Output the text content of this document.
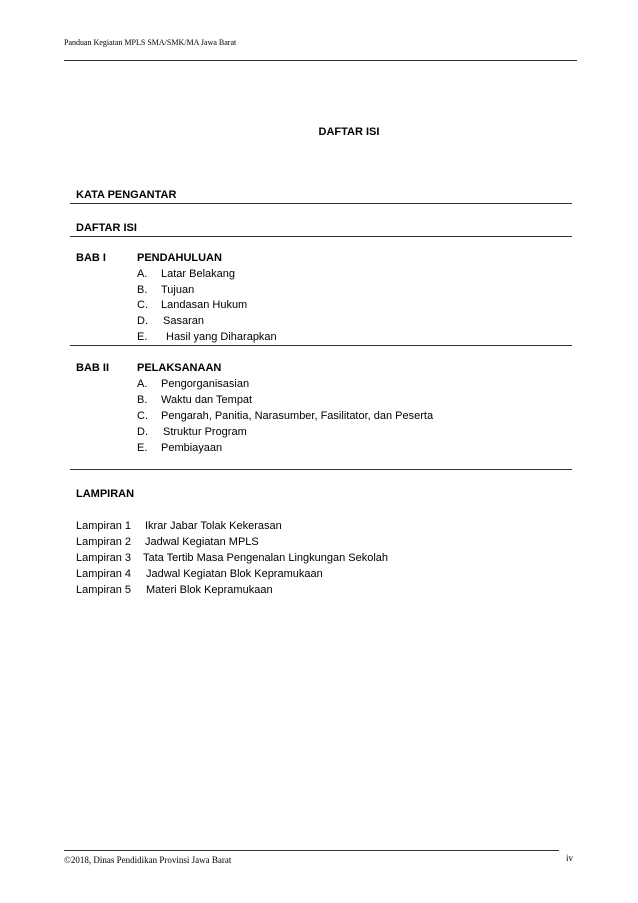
Panduan Kegiatan MPLS SMA/SMK/MA Jawa Barat
DAFTAR ISI
KATA PENGANTAR
DAFTAR ISI
BAB I	PENDAHULUAN
A. Latar Belakang
B. Tujuan
C. Landasan Hukum
D. Sasaran
E. Hasil yang Diharapkan
BAB II	PELAKSANAAN
A. Pengorganisasian
B. Waktu dan Tempat
C. Pengarah, Panitia, Narasumber, Fasilitator, dan Peserta
D. Struktur Program
E. Pembiayaan
LAMPIRAN
Lampiran 1 Ikrar Jabar Tolak Kekerasan
Lampiran 2 Jadwal Kegiatan MPLS
Lampiran 3 Tata Tertib Masa Pengenalan Lingkungan Sekolah
Lampiran 4 Jadwal Kegiatan Blok Kepramukaan
Lampiran 5 Materi Blok Kepramukaan
©2018, Dinas Pendidikan Provinsi Jawa Barat	iv
